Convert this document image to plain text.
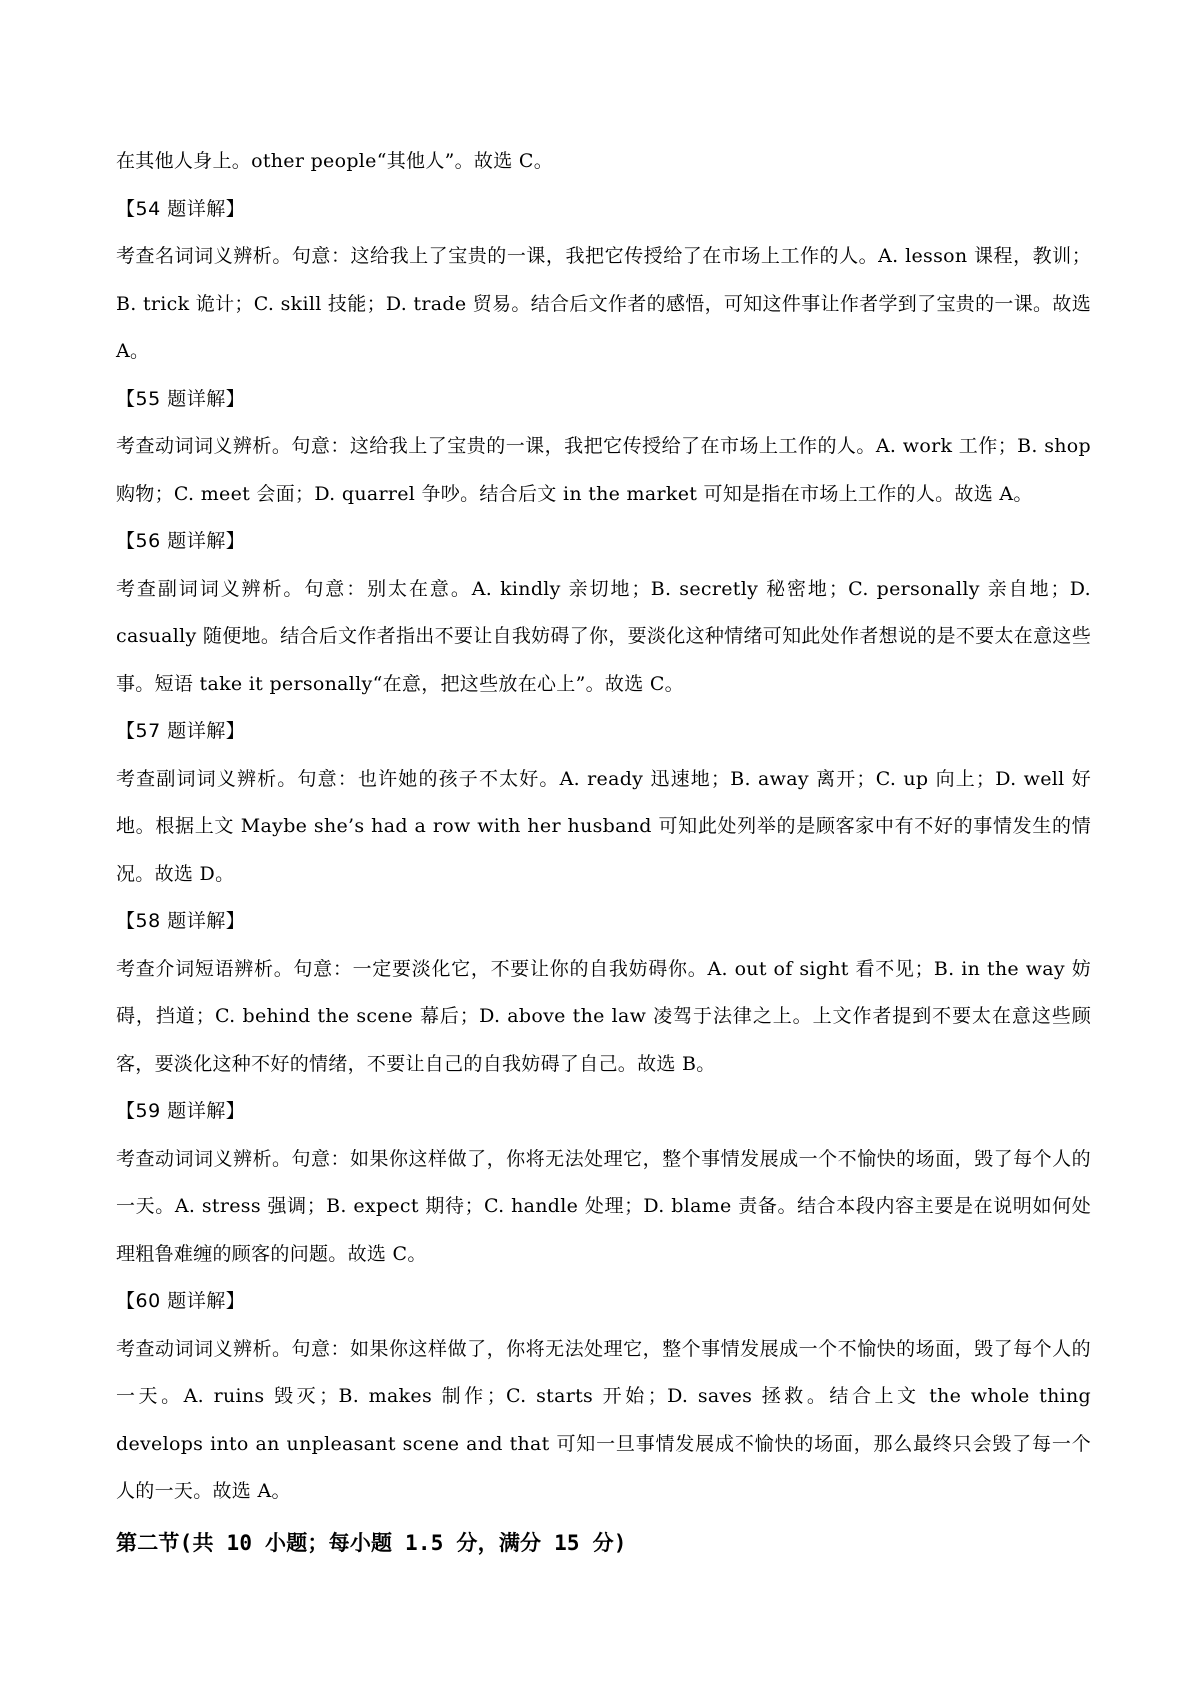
在其他人身上。other people“其他人”。故选 C。

【54 题详解】

考查名词词义辨析。句意：这给我上了宝贵的一课，我把它传授给了在市场上工作的人。A. lesson 课程，教训；B. trick 诡计；C. skill 技能；D. trade 贸易。结合后文作者的感悟，可知这件事让作者学到了宝贵的一课。故选 A。

【55 题详解】

考查动词词义辨析。句意：这给我上了宝贵的一课，我把它传授给了在市场上工作的人。A. work 工作；B. shop 购物；C. meet 会面；D. quarrel 争吵。结合后文 in the market 可知是指在市场上工作的人。故选 A。

【56 题详解】

考查副词词义辨析。句意：别太在意。A. kindly 亲切地；B. secretly 秘密地；C. personally 亲自地；D. casually 随便地。结合后文作者指出不要让自我妨碍了你，要淡化这种情绪可知此处作者想说的是不要太在意这些事。短语 take it personally“在意，把这些放在心上”。故选 C。

【57 题详解】

考查副词词义辨析。句意：也许她的孩子不太好。A. ready 迅速地；B. away 离开；C. up 向上；D. well 好地。根据上文 Maybe she’s had a row with her husband 可知此处列举的是顾客家中有不好的事情发生的情况。故选 D。

【58 题详解】

考查介词短语辨析。句意：一定要淡化它，不要让你的自我妨碍你。A. out of sight 看不见；B. in the way 妨碍，挡道；C. behind the scene 幕后；D. above the law 凌驾于法律之上。上文作者提到不要太在意这些顾客，要淡化这种不好的情绪，不要让自己的自我妨碍了自己。故选 B。

【59 题详解】

考查动词词义辨析。句意：如果你这样做了，你将无法处理它，整个事情发展成一个不愉快的场面，毁了每个人的一天。A. stress 强调；B. expect 期待；C. handle 处理；D. blame 责备。结合本段内容主要是在说明如何处理粗鲁难缠的顾客的问题。故选 C。

【60 题详解】

考查动词词义辨析。句意：如果你这样做了，你将无法处理它，整个事情发展成一个不愉快的场面，毁了每个人的一天。A. ruins 毁灭；B. makes 制作；C. starts 开始；D. saves 拯救。结合上文 the whole thing develops into an unpleasant scene and that 可知一旦事情发展成不愉快的场面，那么最终只会毁了每一个人的一天。故选 A。

第二节(共 10 小题；每小题 1.5 分，满分 15 分)
